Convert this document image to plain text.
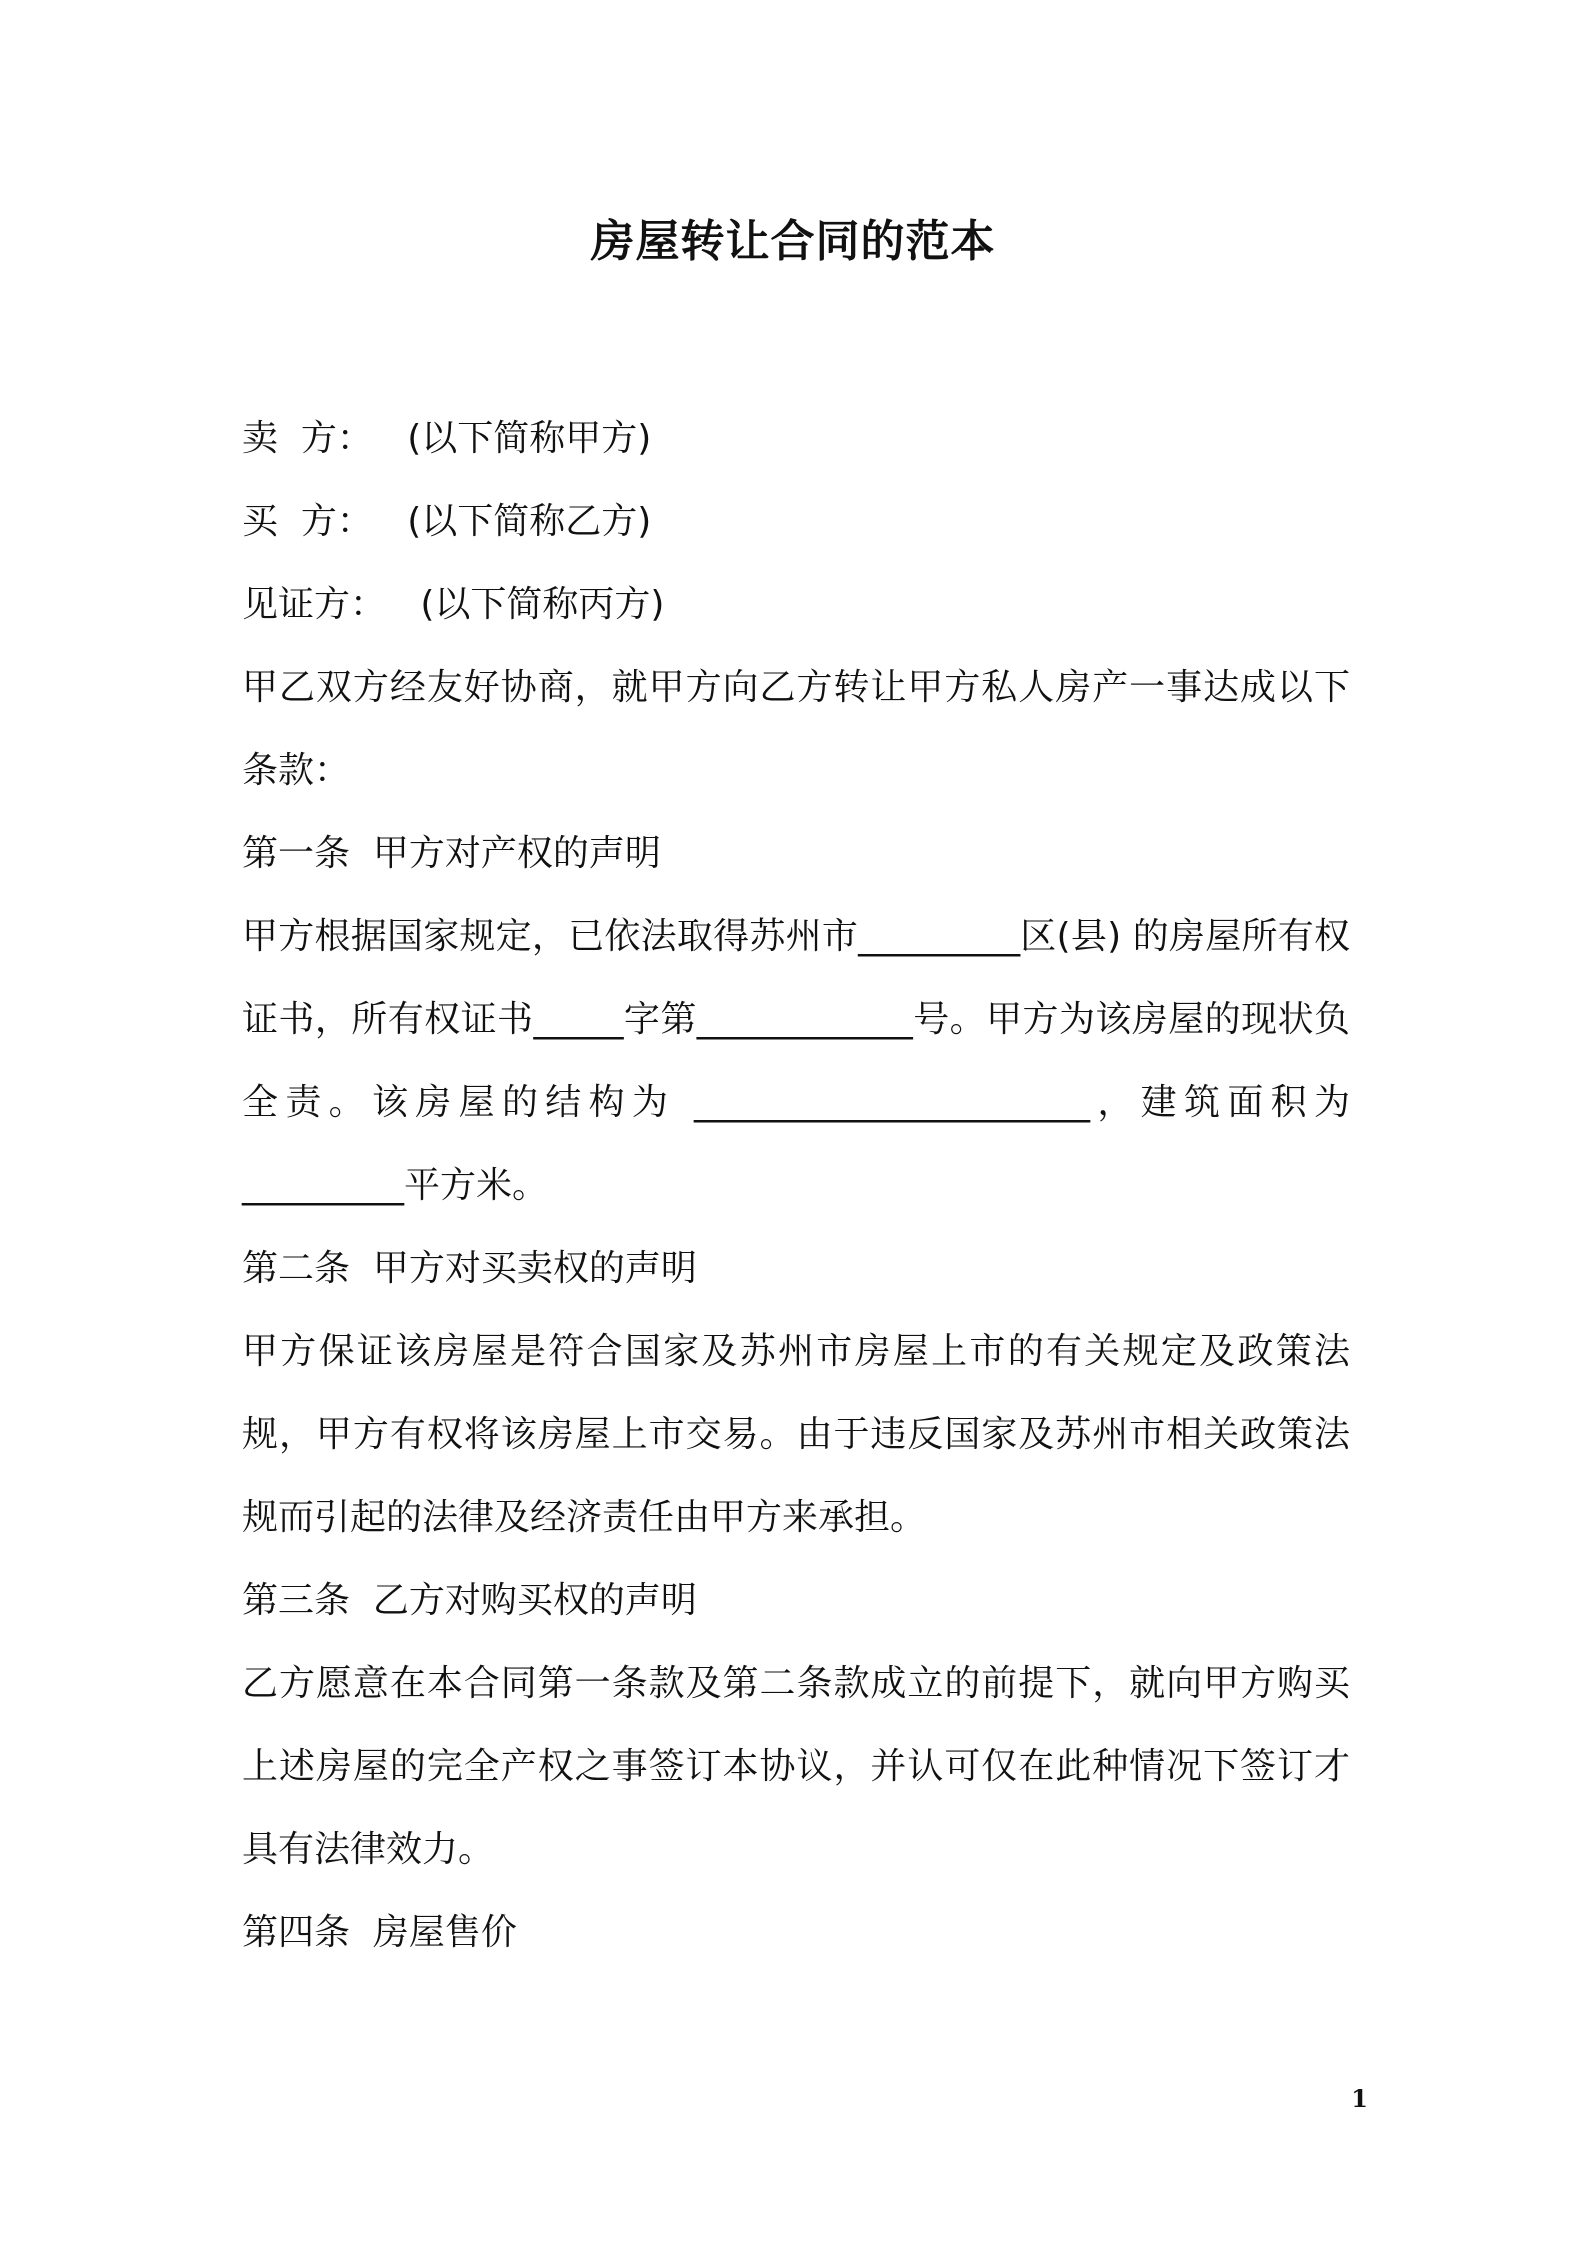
房屋转让合同的范本
卖  方：   (以下简称甲方)
买  方：   (以下简称乙方)
见证方：   (以下简称丙方)

甲乙双方经友好协商，就甲方向乙方转让甲方私人房产一事达成以下条款：

第一条  甲方对产权的声明

甲方根据国家规定，已依法取得苏州市_________区(县) 的房屋所有权证书，所有权证书_____字第____________号。甲方为该房屋的现状负全责。该房屋的结构为 ______________________，建筑面积为_________平方米。

第二条  甲方对买卖权的声明

甲方保证该房屋是符合国家及苏州市房屋上市的有关规定及政策法规，甲方有权将该房屋上市交易。由于违反国家及苏州市相关政策法规而引起的法律及经济责任由甲方来承担。

第三条  乙方对购买权的声明

乙方愿意在本合同第一条款及第二条款成立的前提下，就向甲方购买上述房屋的完全产权之事签订本协议，并认可仅在此种情况下签订才具有法律效力。

第四条  房屋售价
1
